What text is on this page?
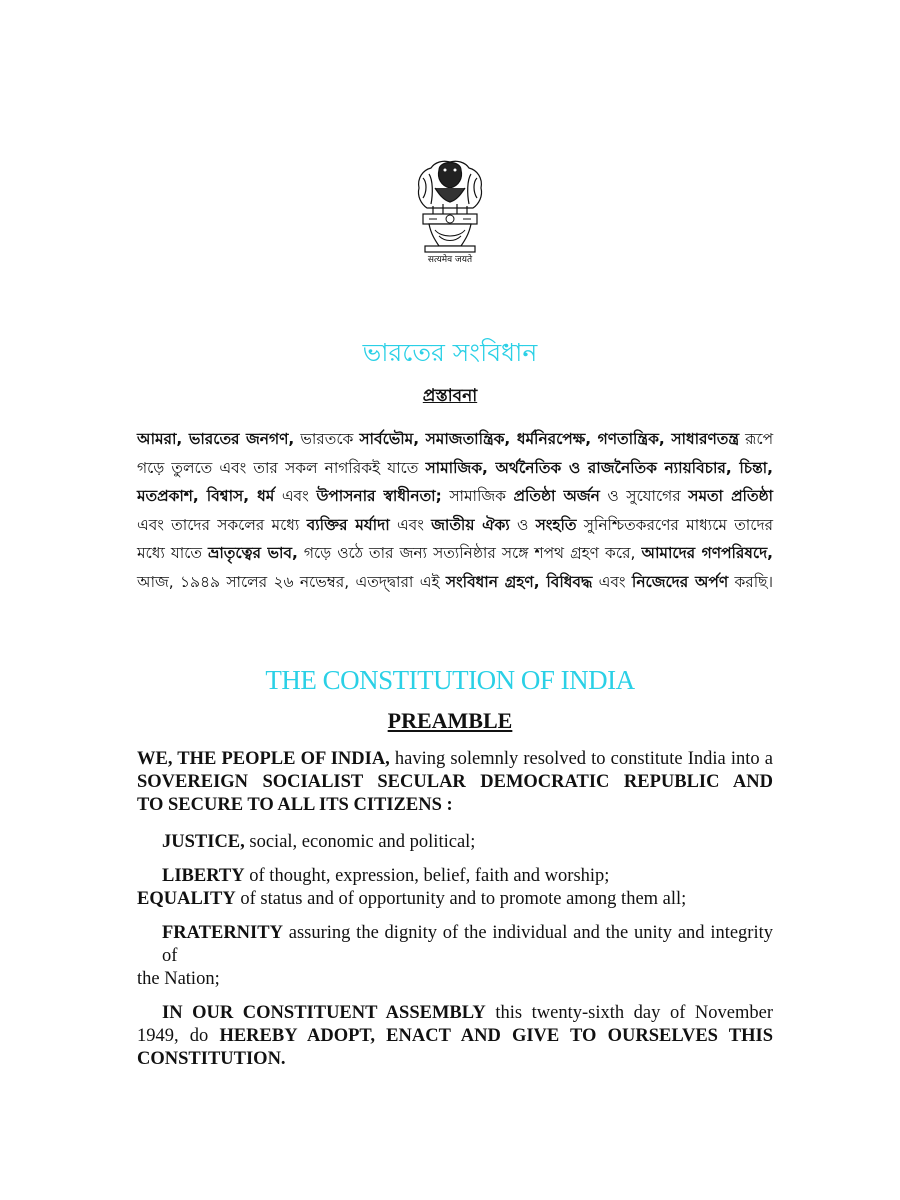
सत्यमेव जयते
ভারতের সংবিধান
প্রস্তাবনা
আমরা, ভারতের জনগণ, ভারতকে সার্বভৌম, সমাজতান্ত্রিক, ধর্মনিরপেক্ষ, গণতান্ত্রিক, সাধারণতন্ত্র রূপে
গড়ে তুলতে এবং তার সকল নাগরিকই যাতে সামাজিক, অর্থনৈতিক ও রাজনৈতিক ন্যায়বিচার, চিন্তা,
মতপ্রকাশ, বিশ্বাস, ধর্ম এবং উপাসনার স্বাধীনতা; সামাজিক প্রতিষ্ঠা অর্জন ও সুযোগের সমতা প্রতিষ্ঠা
এবং তাদের সকলের মধ্যে ব্যক্তির মর্যাদা এবং জাতীয় ঐক্য ও সংহতি সুনিশ্চিতকরণের মাধ্যমে তাদের
মধ্যে যাতে ভ্রাতৃত্বের ভাব, গড়ে ওঠে তার জন্য সত্যনিষ্ঠার সঙ্গে শপথ গ্রহণ করে, আমাদের গণপরিষদে,
আজ, ১৯৪৯ সালের ২৬ নভেম্বর, এতদ্দ্বারা এই সংবিধান গ্রহণ, বিধিবদ্ধ এবং নিজেদের অর্পণ করছি।
THE CONSTITUTION OF INDIA
PREAMBLE

WE, THE PEOPLE OF INDIA, having solemnly resolved to constitute India into a

SOVEREIGN SOCIALIST SECULAR DEMOCRATIC REPUBLIC AND

TO SECURE TO ALL ITS CITIZENS :

JUSTICE, social, economic and political;

LIBERTY of thought, expression, belief, faith and worship;

EQUALITY of status and of opportunity and to promote among them all;

FRATERNITY assuring the dignity of the individual and the unity and integrity of

the Nation;

IN OUR CONSTITUENT ASSEMBLY this twenty-sixth day of November

1949, do HEREBY ADOPT, ENACT AND GIVE TO OURSELVES THIS

CONSTITUTION.
